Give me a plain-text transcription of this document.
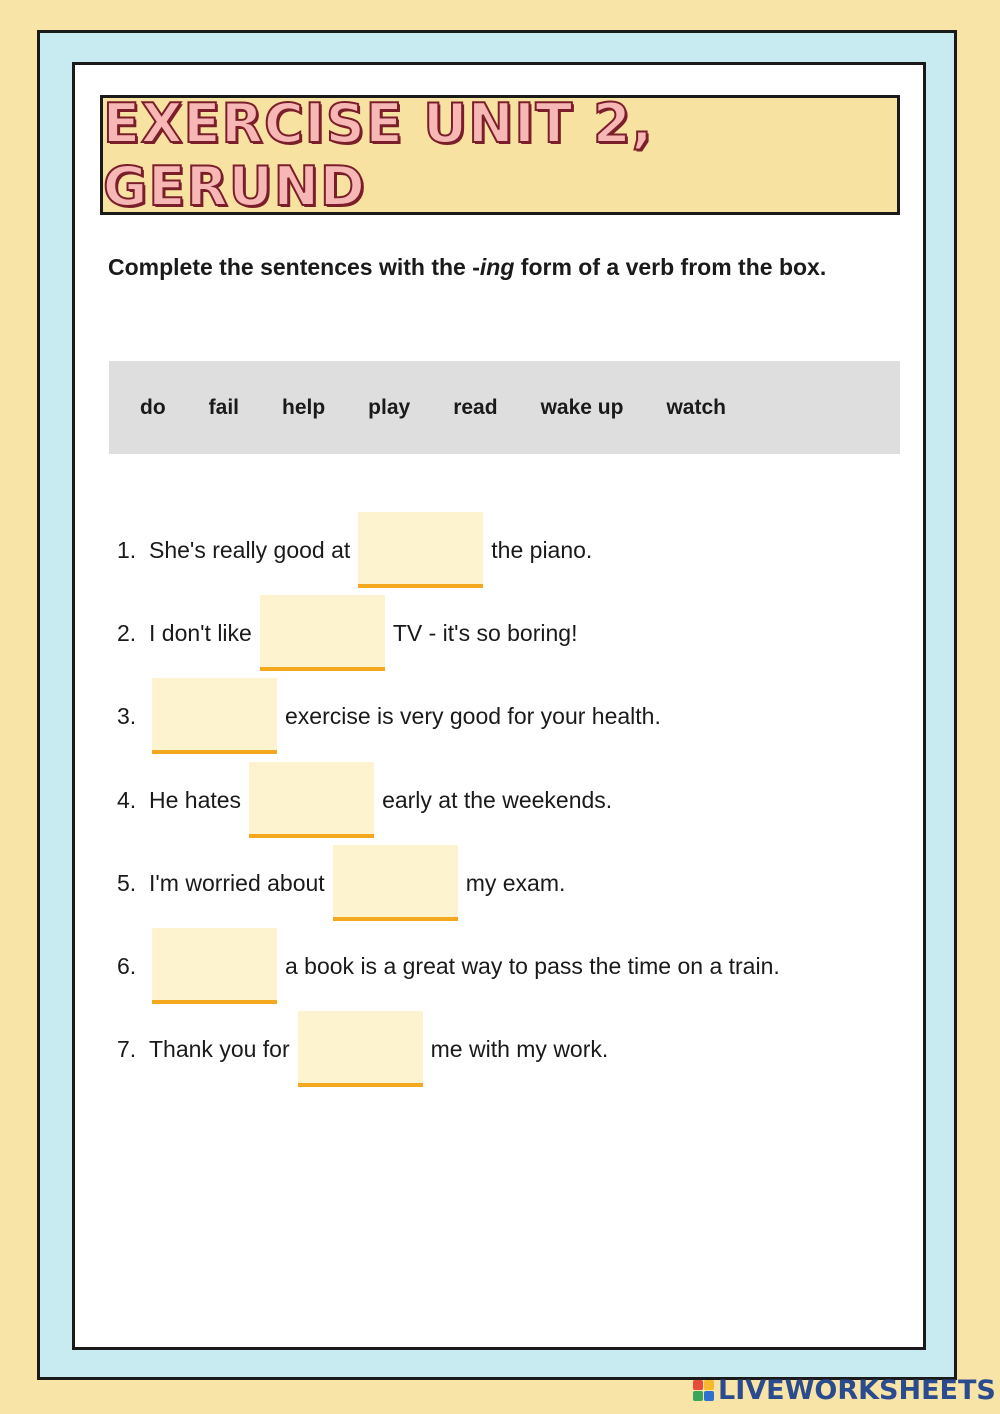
EXERCISE UNIT 2, GERUND
Complete the sentences with the -ing form of a verb from the box.
do fail help play read wake up watch
1. She's really good at	the piano.
2. I don't like	TV - it's so boring!
3.	exercise is very good for your health.
4. He hates	early at the weekends.
5. I'm worried about	my exam.
6.	a book is a great way to pass the time on a train.
7. Thank you for	me with my work.
LIVEWORKSHEETS
